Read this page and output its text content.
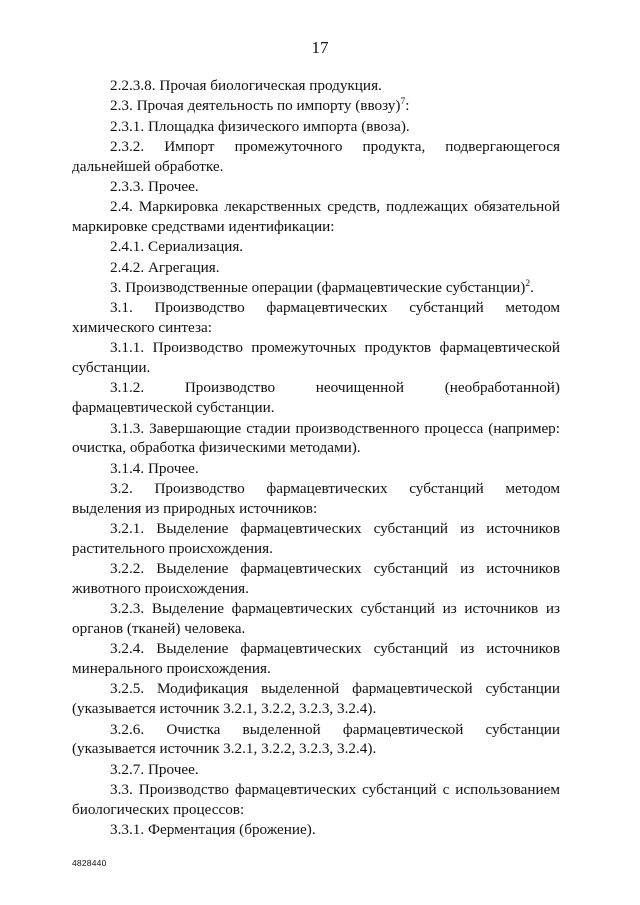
17

2.2.3.8. Прочая биологическая продукция.

2.3. Прочая деятельность по импорту (ввозу)$^7$:

2.3.1. Площадка физического импорта (ввоза).

2.3.2. Импорт промежуточного продукта, подвергающегося дальнейшей обработке.

2.3.3. Прочее.

2.4. Маркировка лекарственных средств, подлежащих обязательной маркировке средствами идентификации:

2.4.1. Сериализация.

2.4.2. Агрегация.

3. Производственные операции (фармацевтические субстанции)$^2$.

3.1. Производство фармацевтических субстанций методом химического синтеза:

3.1.1. Производство промежуточных продуктов фармацевтической субстанции.

3.1.2. Производство неочищенной (необработанной) фармацевтической субстанции.

3.1.3. Завершающие стадии производственного процесса (например: очистка, обработка физическими методами).

3.1.4. Прочее.

3.2. Производство фармацевтических субстанций методом выделения из природных источников:

3.2.1. Выделение фармацевтических субстанций из источников растительного происхождения.

3.2.2. Выделение фармацевтических субстанций из источников животного происхождения.

3.2.3. Выделение фармацевтических субстанций из источников из органов (тканей) человека.

3.2.4. Выделение фармацевтических субстанций из источников минерального происхождения.

3.2.5. Модификация выделенной фармацевтической субстанции (указывается источник 3.2.1, 3.2.2, 3.2.3, 3.2.4).

3.2.6. Очистка выделенной фармацевтической субстанции (указывается источник 3.2.1, 3.2.2, 3.2.3, 3.2.4).

3.2.7. Прочее.

3.3. Производство фармацевтических субстанций с использованием биологических процессов:

3.3.1. Ферментация (брожение).

4828440
